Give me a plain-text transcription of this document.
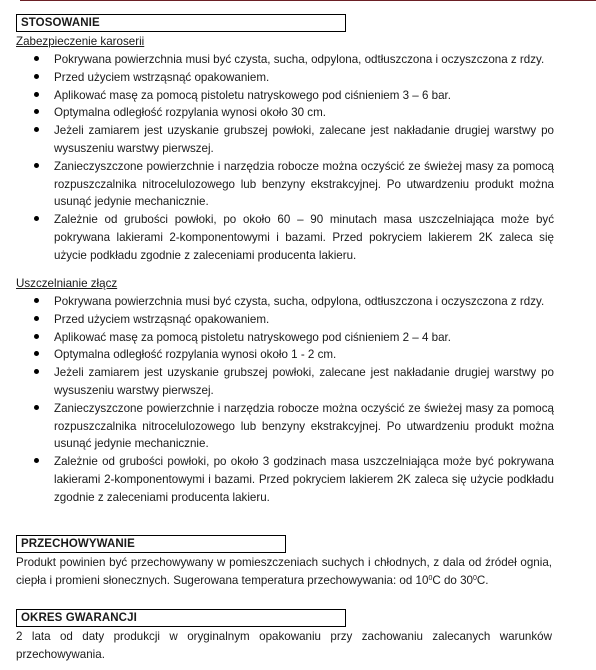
STOSOWANIE
Zabezpieczenie karoserii
Pokrywana powierzchnia musi być czysta, sucha, odpylona, odtłuszczona i oczyszczona z rdzy.
Przed użyciem wstrząsnąć opakowaniem.
Aplikować masę za pomocą pistoletu natryskowego pod ciśnieniem 3 – 6 bar.
Optymalna odległość rozpylania wynosi około 30 cm.
Jeżeli zamiarem jest uzyskanie grubszej powłoki, zalecane jest nakładanie drugiej warstwy po wysuszeniu warstwy pierwszej.
Zanieczyszczone powierzchnie i narzędzia robocze można oczyścić ze świeżej masy za pomocą rozpuszczalnika nitrocelulozowego lub benzyny ekstrakcyjnej. Po utwardzeniu produkt można usunąć jedynie mechanicznie.
Zależnie od grubości powłoki, po około 60 – 90 minutach masa uszczelniająca może być pokrywana lakierami 2-komponentowymi i bazami. Przed pokryciem lakierem 2K zaleca się użycie podkładu zgodnie z zaleceniami producenta lakieru.
Uszczelnianie złącz
Pokrywana powierzchnia musi być czysta, sucha, odpylona, odtłuszczona i oczyszczona z rdzy.
Przed użyciem wstrząsnąć opakowaniem.
Aplikować masę za pomocą pistoletu natryskowego pod ciśnieniem 2 – 4 bar.
Optymalna odległość rozpylania wynosi około 1 - 2 cm.
Jeżeli zamiarem jest uzyskanie grubszej powłoki, zalecane jest nakładanie drugiej warstwy po wysuszeniu warstwy pierwszej.
Zanieczyszczone powierzchnie i narzędzia robocze można oczyścić ze świeżej masy za pomocą rozpuszczalnika nitrocelulozowego lub benzyny ekstrakcyjnej. Po utwardzeniu produkt można usunąć jedynie mechanicznie.
Zależnie od grubości powłoki, po około 3 godzinach masa uszczelniająca może być pokrywana lakierami 2-komponentowymi i bazami. Przed pokryciem lakierem 2K zaleca się użycie podkładu zgodnie z zaleceniami producenta lakieru.
PRZECHOWYWANIE
Produkt powinien być przechowywany w pomieszczeniach suchych i chłodnych, z dala od źródeł ognia, ciepła i promieni słonecznych. Sugerowana temperatura przechowywania: od $10^0C$ do $30^0C$.
OKRES GWARANCJI
2 lata od daty produkcji w oryginalnym opakowaniu przy zachowaniu zalecanych warunków przechowywania.
